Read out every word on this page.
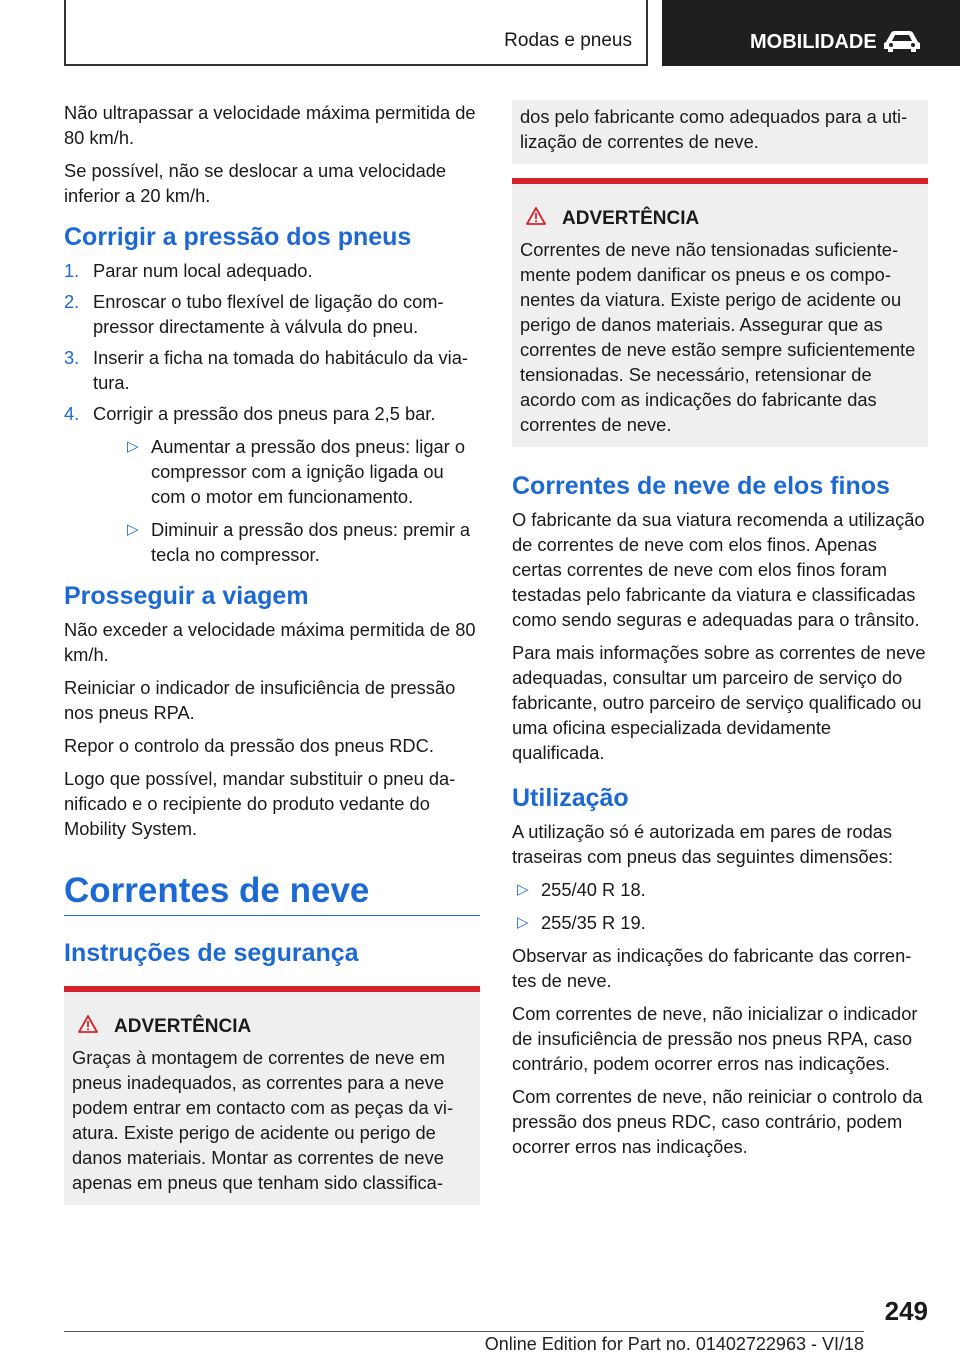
Rodas e pneus	MOBILIDADE

Não ultrapassar a velocidade máxima permitida de 80 km/h.

Se possível, não se deslocar a uma velocidade inferior a 20 km/h.

Corrigir a pressão dos pneus
1. Parar num local adequado.
2. Enroscar o tubo flexível de ligação do compressor directamente à válvula do pneu.
3. Inserir a ficha na tomada do habitáculo da viatura.
4. Corrigir a pressão dos pneus para 2,5 bar.
▷ Aumentar a pressão dos pneus: ligar o compressor com a ignição ligada ou com o motor em funcionamento.
▷ Diminuir a pressão dos pneus: premir a tecla no compressor.
Prosseguir a viagem

Não exceder a velocidade máxima permitida de 80 km/h.

Reiniciar o indicador de insuficiência de pressão nos pneus RPA.

Repor o controlo da pressão dos pneus RDC.

Logo que possível, mandar substituir o pneu danificado e o recipiente do produto vedante do Mobility System.

Correntes de neve
Instruções de segurança
ADVERTÊNCIA

Graças à montagem de correntes de neve em pneus inadequados, as correntes para a neve podem entrar em contacto com as peças da viatura. Existe perigo de acidente ou perigo de danos materiais. Montar as correntes de neve apenas em pneus que tenham sido classifica-

dos pelo fabricante como adequados para a utilização de correntes de neve.

ADVERTÊNCIA

Correntes de neve não tensionadas suficientemente podem danificar os pneus e os componentes da viatura. Existe perigo de acidente ou perigo de danos materiais. Assegurar que as correntes de neve estão sempre suficientemente tensionadas. Se necessário, retensionar de acordo com as indicações do fabricante das correntes de neve.

Correntes de neve de elos finos

O fabricante da sua viatura recomenda a utilização de correntes de neve com elos finos. Apenas certas correntes de neve com elos finos foram testadas pelo fabricante da viatura e classificadas como sendo seguras e adequadas para o trânsito.

Para mais informações sobre as correntes de neve adequadas, consultar um parceiro de serviço do fabricante, outro parceiro de serviço qualificado ou uma oficina especializada devidamente qualificada.

Utilização

A utilização só é autorizada em pares de rodas traseiras com pneus das seguintes dimensões:

▷ 255/40 R 18.
▷ 255/35 R 19.

Observar as indicações do fabricante das correntes de neve.

Com correntes de neve, não inicializar o indicador de insuficiência de pressão nos pneus RPA, caso contrário, podem ocorrer erros nas indicações.

Com correntes de neve, não reiniciar o controlo da pressão dos pneus RDC, caso contrário, podem ocorrer erros nas indicações.

249
Online Edition for Part no. 01402722963 - VI/18
